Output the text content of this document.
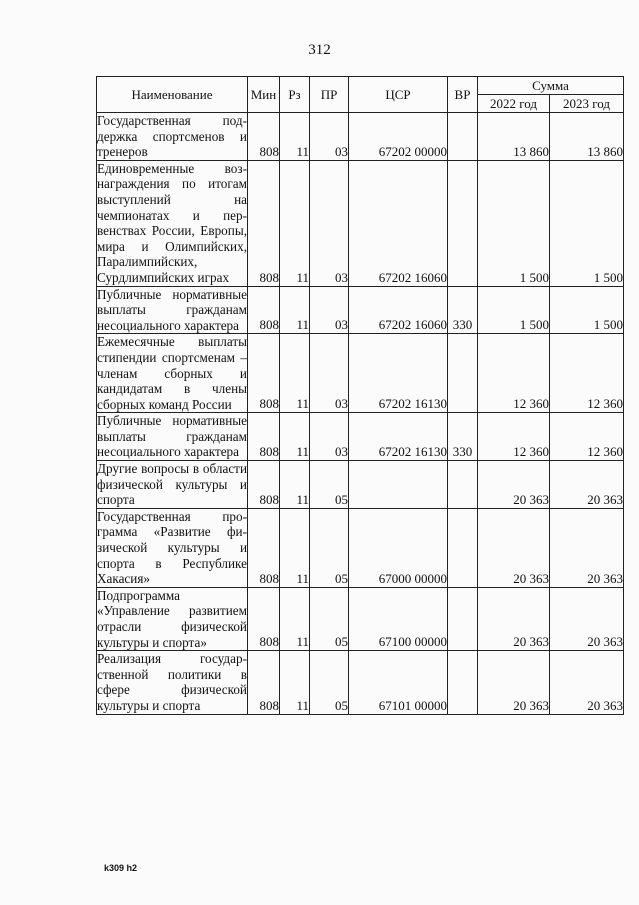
312
Наименование	Мин	Рз	ПР	ЦСР	ВР	Сумма	
						2022 год	2023 год
Государственная поддержка спортсменов и тренеров	808	11	03	67202 00000		13 860	13 860
Единовременные вознаграждения по итогам выступлений на чемпионатах и первенствах России, Европы, мира и Олимпийских, Паралимпийских, Сурдлимпийских играх	808	11	03	67202 16060		1 500	1 500
Публичные нормативные выплаты гражданам несоциального характера	808	11	03	67202 16060	330	1 500	1 500
Ежемесячные выплаты стипендии спортсменам – членам сборных и кандидатам в члены сборных команд России	808	11	03	67202 16130		12 360	12 360
Публичные нормативные выплаты гражданам несоциального характера	808	11	03	67202 16130	330	12 360	12 360
Другие вопросы в области физической культуры и спорта	808	11	05			20 363	20 363
Государственная программа «Развитие физической культуры и спорта в Республике Хакасия»	808	11	05	67000 00000		20 363	20 363
Подпрограмма «Управление развитием отрасли физической культуры и спорта»	808	11	05	67100 00000		20 363	20 363
Реализация государственной политики в сфере физической культуры и спорта	808	11	05	67101 00000		20 363	20 363
k309 h2
